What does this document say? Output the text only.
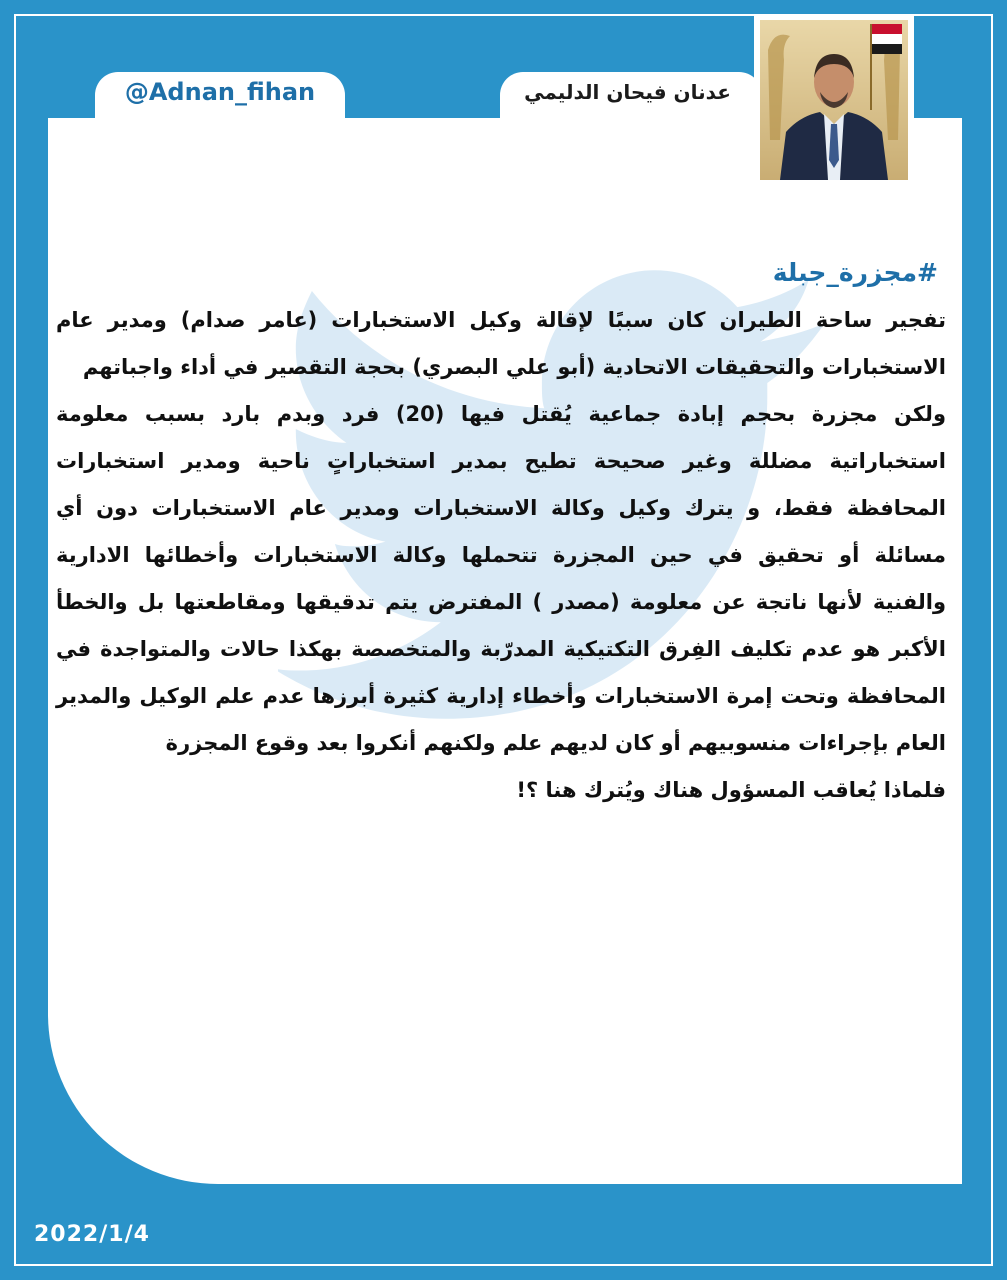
@Adnan_fihan	عدنان فيحان الدليمي
#مجزرة_جبلة
تفجير ساحة الطيران كان سببًا لإقالة وكيل الاستخبارات (عامر صدام) ومدير عام الاستخبارات والتحقيقات الاتحادية (أبو علي البصري) بحجة التقصير في أداء واجباتهم
ولكن مجزرة بحجم إبادة جماعية يُقتل فيها (20) فرد وبدم بارد بسبب معلومة استخباراتية مضللة وغير صحيحة تطيح بمدير استخباراتٍ ناحية ومدير استخبارات المحافظة فقط، و يترك وكيل وكالة الاستخبارات ومدير عام الاستخبارات دون أي مسائلة أو تحقيق في حين المجزرة تتحملها وكالة الاستخبارات وأخطائها الادارية والفنية لأنها ناتجة عن معلومة (مصدر ) المفترض يتم تدقيقها ومقاطعتها بل والخطأ الأكبر هو عدم تكليف الفِرق التكتيكية المدرّبة والمتخصصة بهكذا حالات والمتواجدة في المحافظة وتحت إمرة الاستخبارات وأخطاء إدارية كثيرة أبرزها عدم علم الوكيل والمدير العام بإجراءات منسوبيهم أو كان لديهم علم ولكنهم أنكروا بعد وقوع المجزرة
فلماذا يُعاقب المسؤول هناك ويُترك هنا ؟!
2022/1/4
